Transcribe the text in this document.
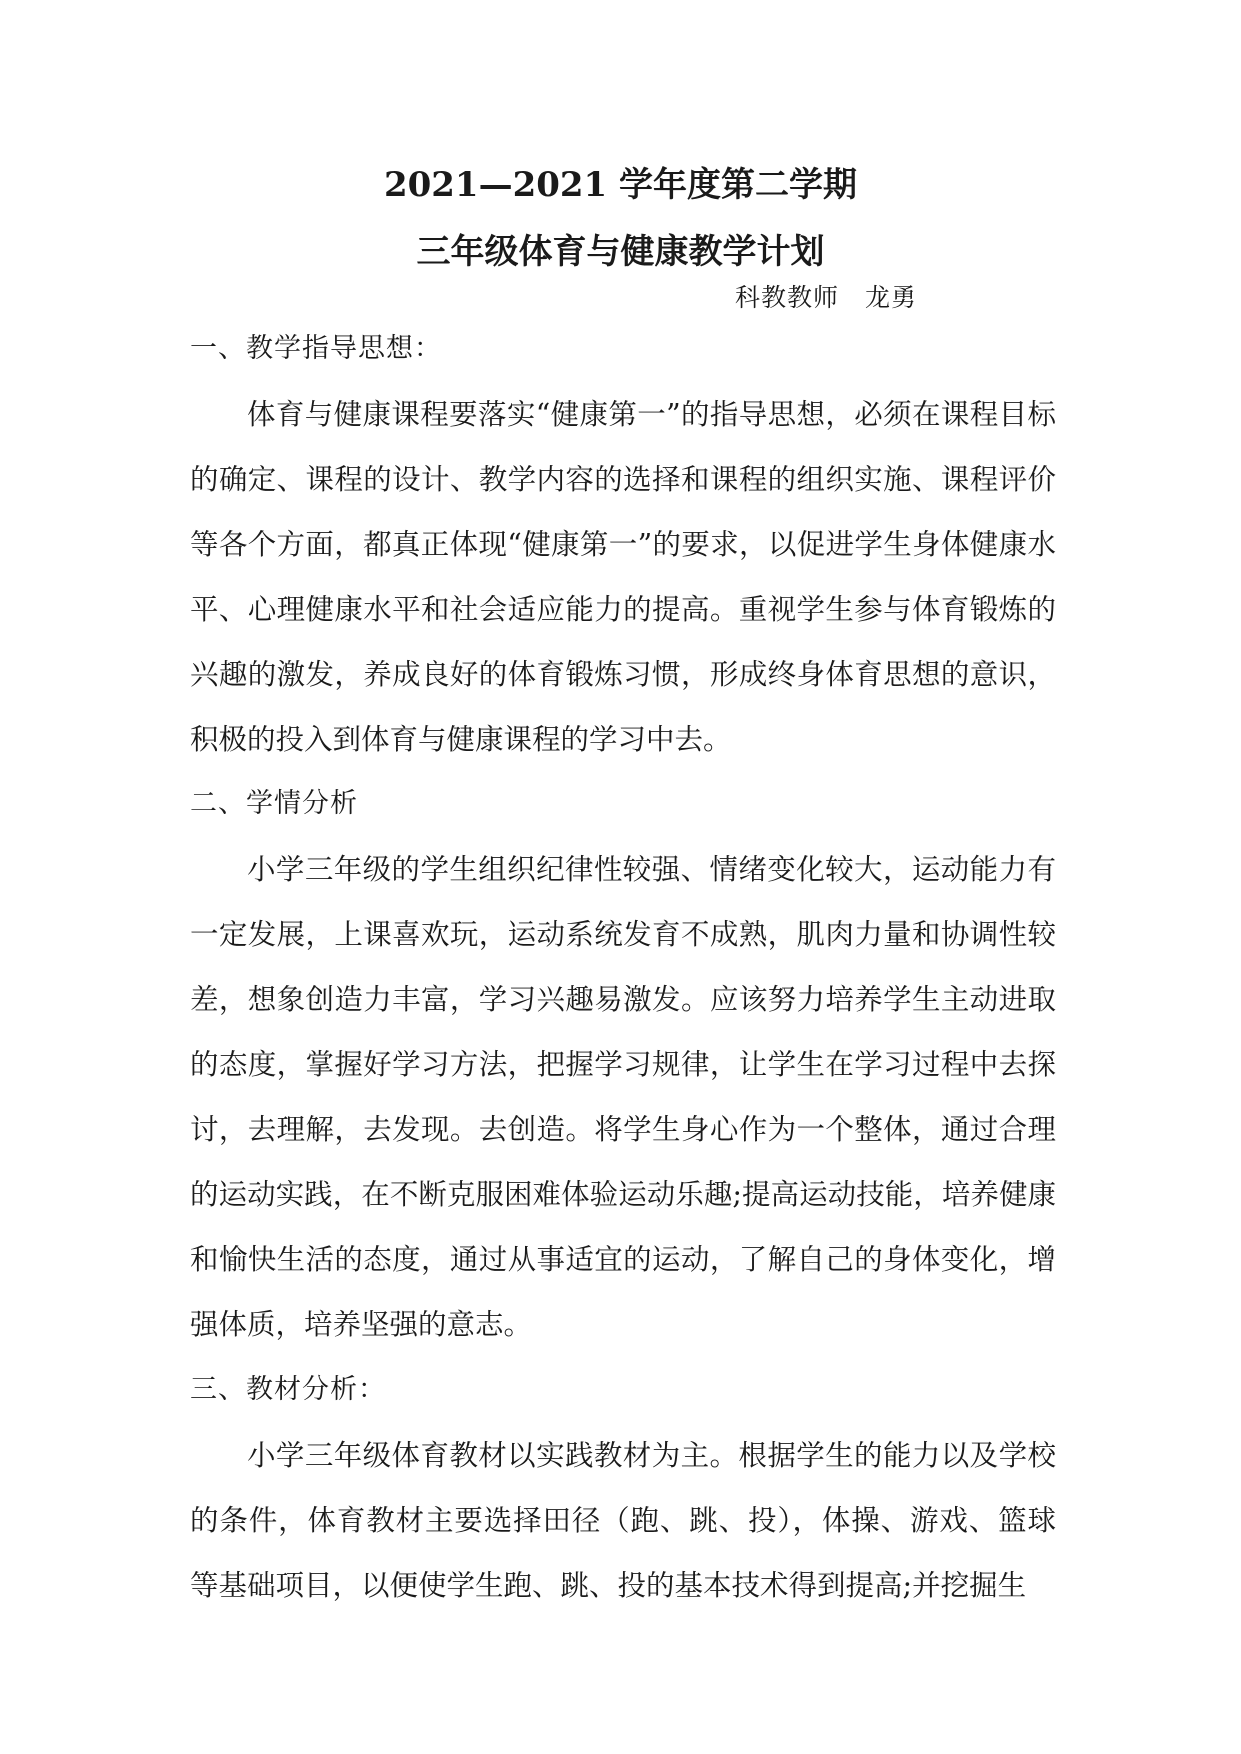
2021—2021 学年度第二学期
三年级体育与健康教学计划
科教教师　龙勇
一、教学指导思想：

体育与健康课程要落实“健康第一”的指导思想，必须在课程目标的确定、课程的设计、教学内容的选择和课程的组织实施、课程评价等各个方面，都真正体现“健康第一”的要求，以促进学生身体健康水平、心理健康水平和社会适应能力的提高。重视学生参与体育锻炼的兴趣的激发，养成良好的体育锻炼习惯，形成终身体育思想的意识，积极的投入到体育与健康课程的学习中去。

二、学情分析

小学三年级的学生组织纪律性较强、情绪变化较大，运动能力有一定发展，上课喜欢玩，运动系统发育不成熟，肌肉力量和协调性较差，想象创造力丰富，学习兴趣易激发。应该努力培养学生主动进取的态度，掌握好学习方法，把握学习规律，让学生在学习过程中去探讨，去理解，去发现。去创造。将学生身心作为一个整体，通过合理的运动实践，在不断克服困难体验运动乐趣;提高运动技能，培养健康和愉快生活的态度，通过从事适宜的运动，了解自己的身体变化，增强体质，培养坚强的意志。

三、教材分析：

小学三年级体育教材以实践教材为主。根据学生的能力以及学校的条件，体育教材主要选择田径（跑、跳、投），体操、游戏、篮球等基础项目，以便使学生跑、跳、投的基本技术得到提高;并挖掘生
